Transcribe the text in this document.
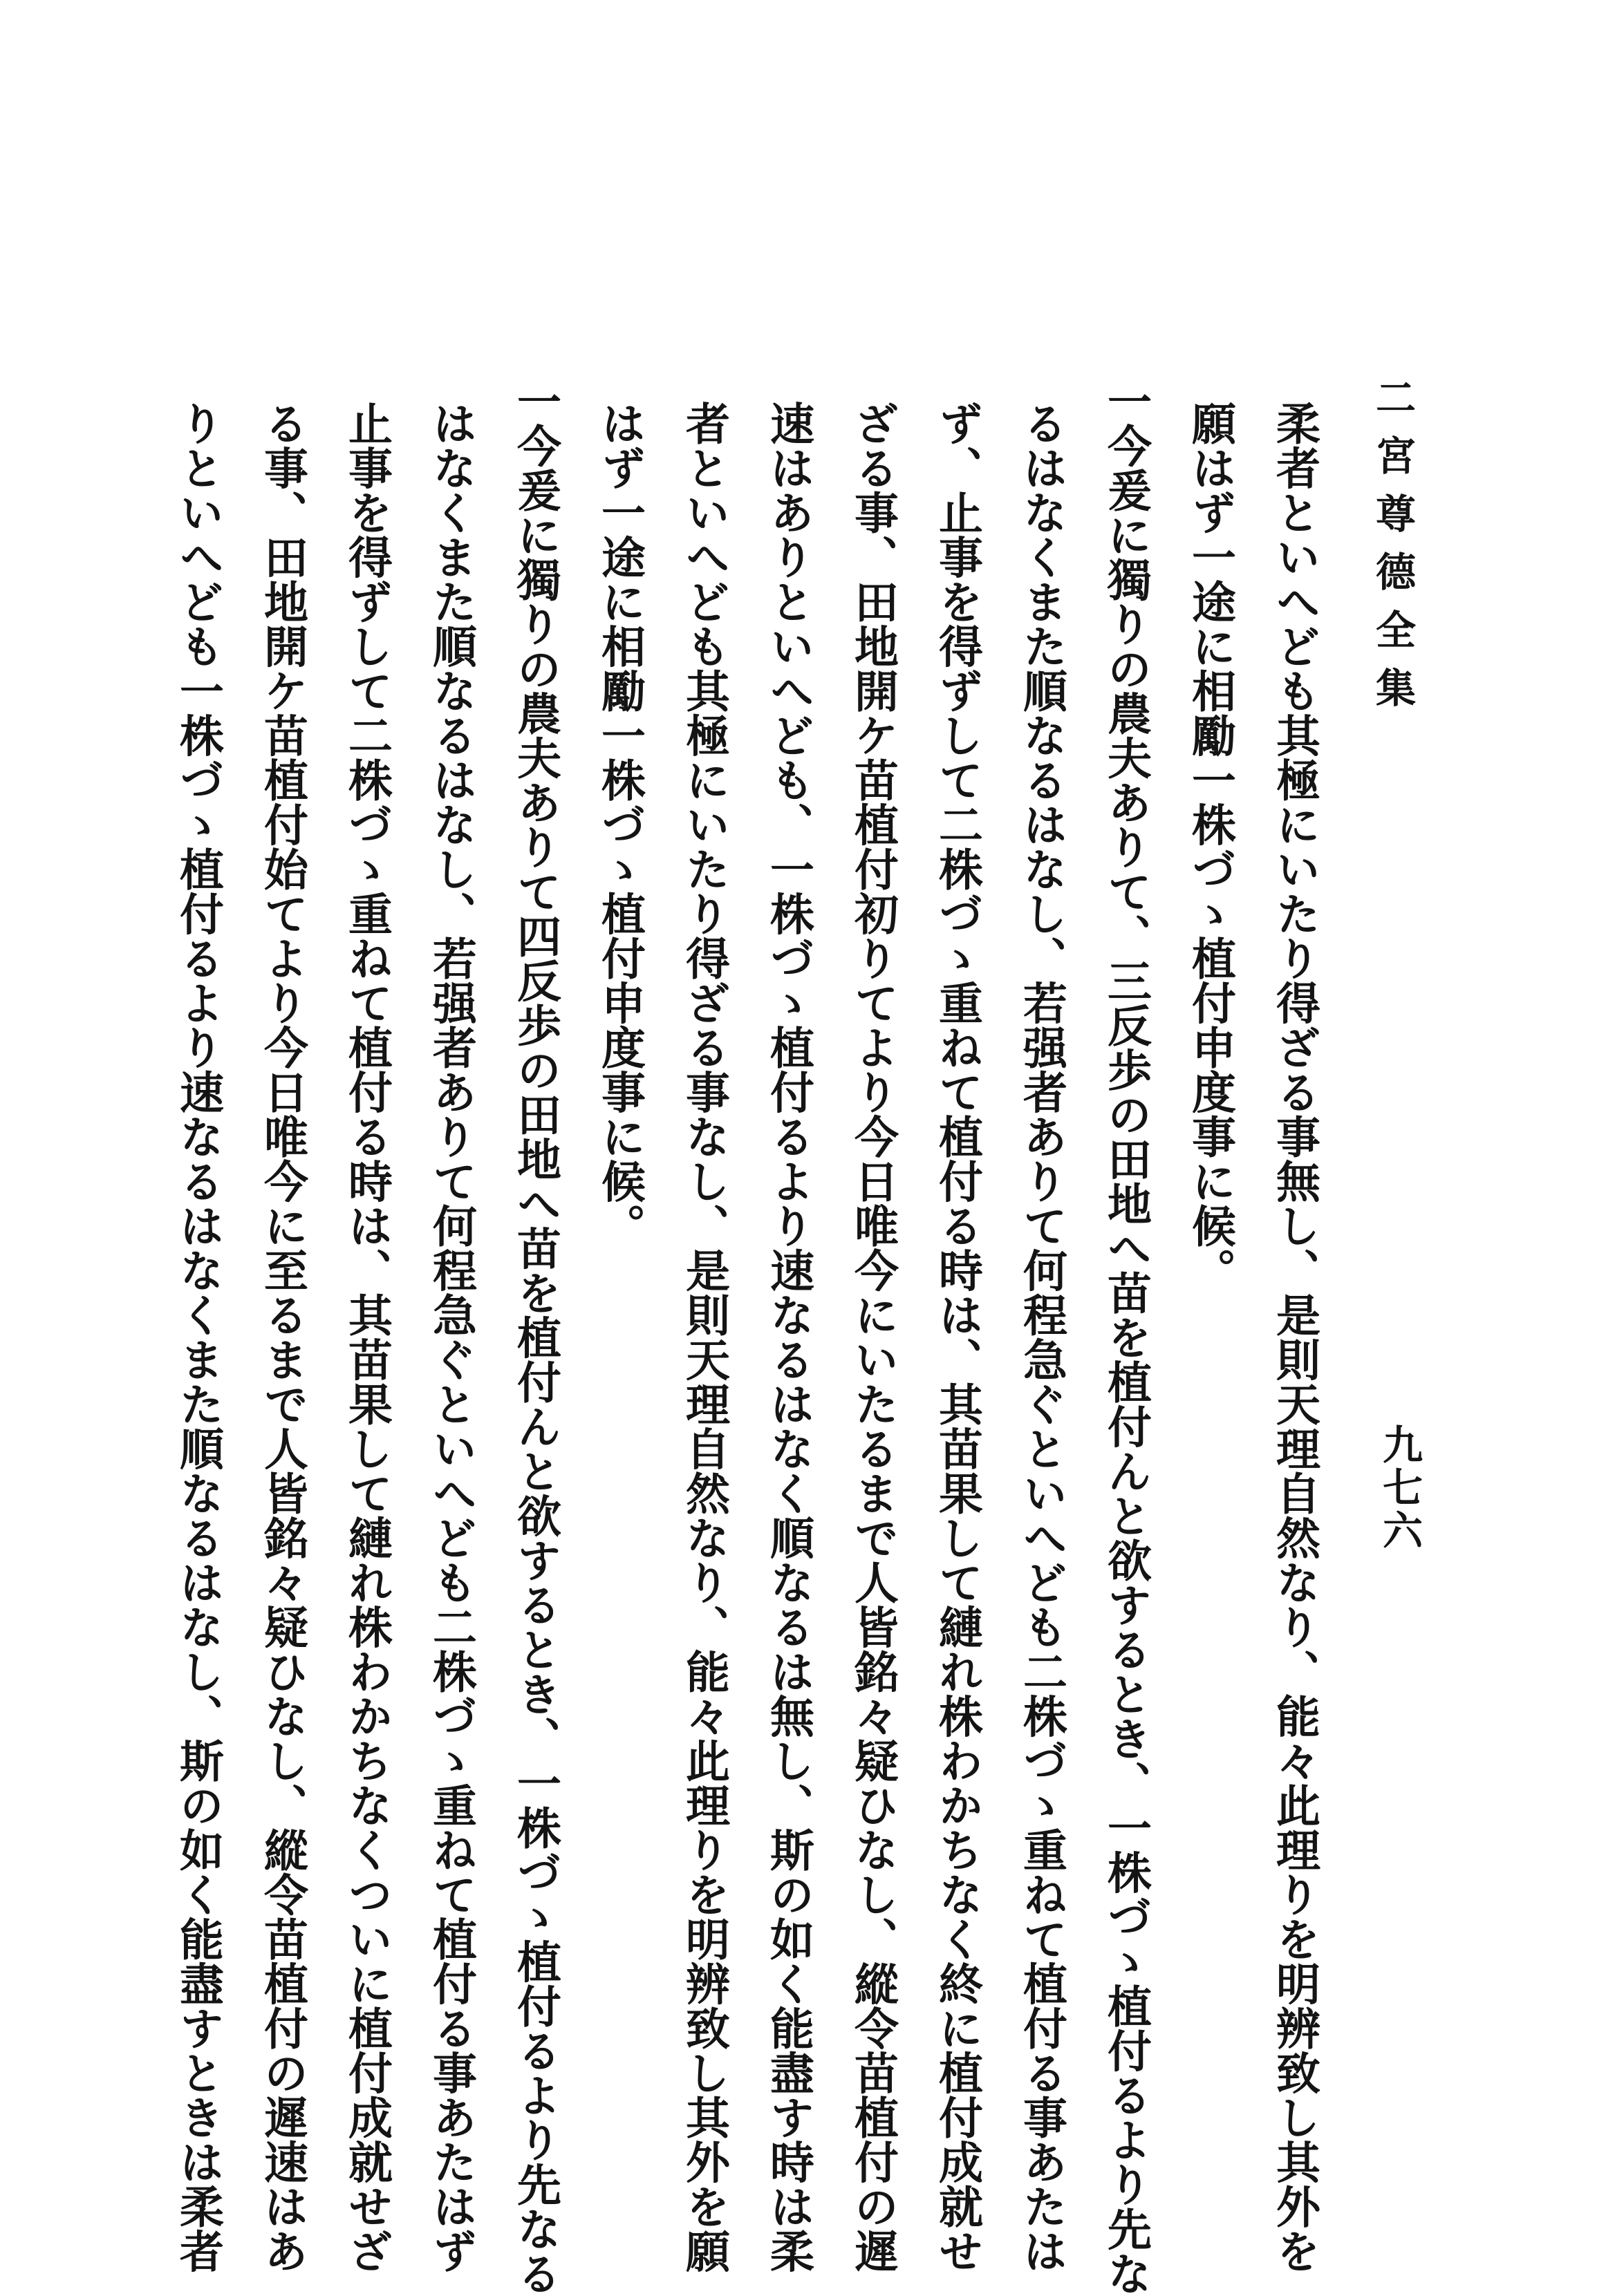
二宮尊德全集
九七六
柔者といへども其極にいたり得ざる事無し、是則天理自然なり、能々此理りを明辨致し其外を
願はず一途に相勵一株づゝ植付申度事に候。
一今爰に獨りの農夫ありて、三反歩の田地へ苗を植付んと欲するとき、一株づゝ植付るより先な
るはなくまた順なるはなし、若强者ありて何程急ぐといへども二株づゝ重ねて植付る事あたは
ず、止事を得ずして二株づゝ重ねて植付る時は、其苗果して縺れ株わかちなく終に植付成就せ
ざる事、田地開ケ苗植付初りてより今日唯今にいたるまで人皆銘々疑ひなし、縱令苗植付の遲
速はありといへども、一株づゝ植付るより速なるはなく順なるは無し、斯の如く能盡す時は柔
者といへども其極にいたり得ざる事なし、是則天理自然なり、能々此理りを明辨致し其外を願
はず一途に相勵一株づゝ植付申度事に候。
一今爰に獨りの農夫ありて四反歩の田地へ苗を植付んと欲するとき、一株づゝ植付るより先なる
はなくまた順なるはなし、若强者ありて何程急ぐといへども二株づゝ重ねて植付る事あたはず
止事を得ずして二株づゝ重ねて植付る時は、其苗果して縺れ株わかちなくついに植付成就せざ
る事、田地開ケ苗植付始てより今日唯今に至るまで人皆銘々疑ひなし、縱令苗植付の遲速はあ
りといへども一株づゝ植付るより速なるはなくまた順なるはなし、斯の如く能盡すときは柔者
